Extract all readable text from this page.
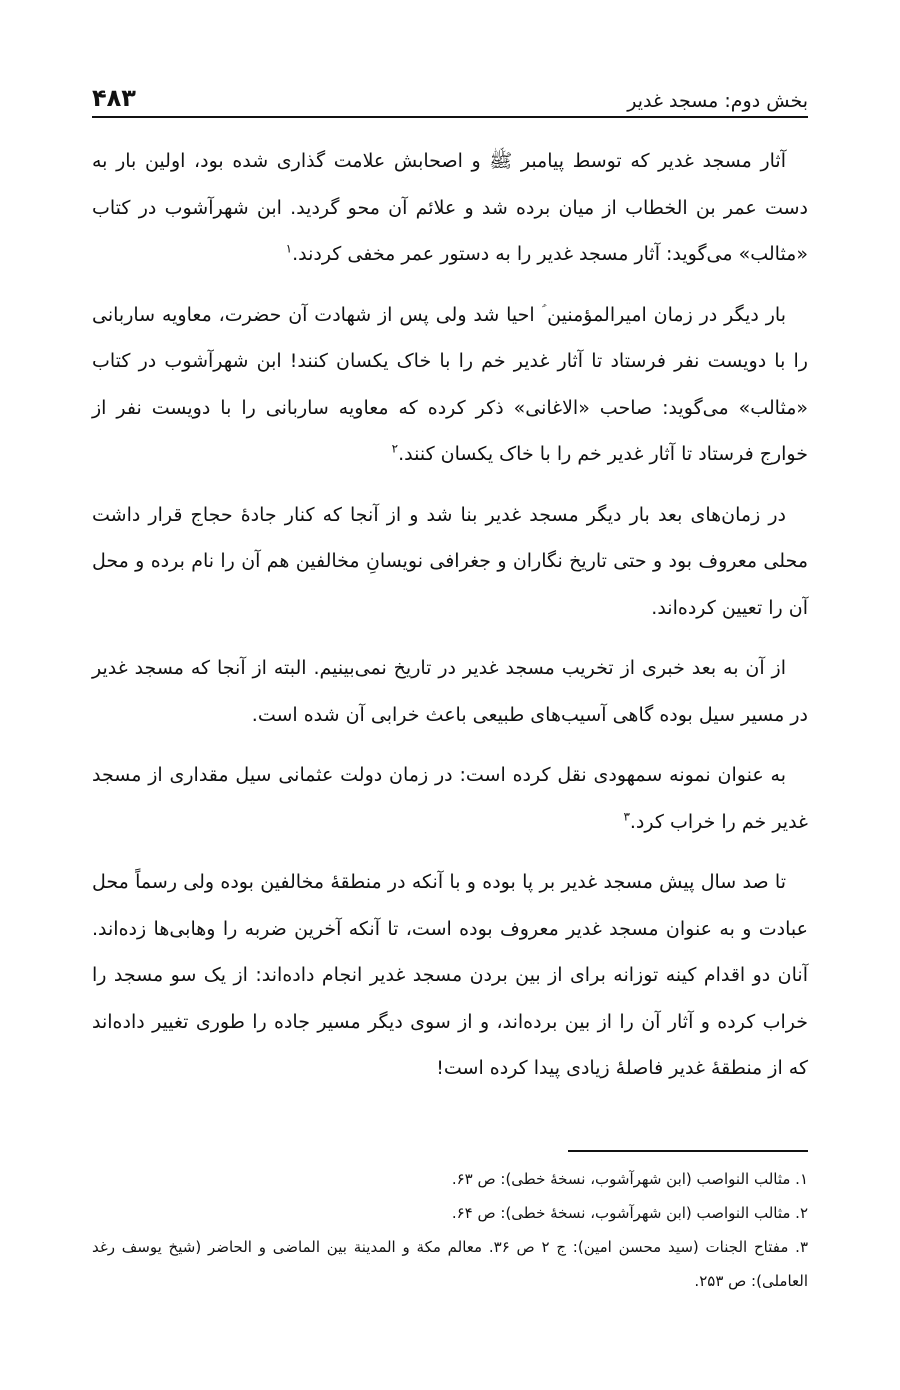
بخش دوم: مسجد غدیر
۴۸۳

آثار مسجد غدیر که توسط پیامبر ﷺ و اصحابش علامت گذاری شده بود، اولین بار به دست عمر بن الخطاب از میان برده شد و علائم آن محو گردید. ابن شهرآشوب در کتاب «مثالب» می‌گوید: آثار مسجد غدیر را به دستور عمر مخفی کردند.$^۱$

بار دیگر در زمان امیرالمؤمنین ؑ احیا شد ولی پس از شهادت آن حضرت، معاویه ساربانی را با دویست نفر فرستاد تا آثار غدیر خم را با خاک یکسان کنند! ابن شهرآشوب در کتاب «مثالب» می‌گوید: صاحب «الاغانی» ذکر کرده که معاویه ساربانی را با دویست نفر از خوارج فرستاد تا آثار غدیر خم را با خاک یکسان کنند.$^۲$

در زمان‌های بعد بار دیگر مسجد غدیر بنا شد و از آنجا که کنار جادهٔ حجاج قرار داشت محلی معروف بود و حتی تاریخ نگاران و جغرافی نویسانِ مخالفین هم آن را نام برده و محل آن را تعیین کرده‌اند.

از آن به بعد خبری از تخریب مسجد غدیر در تاریخ نمی‌بینیم. البته از آنجا که مسجد غدیر در مسیر سیل بوده گاهی آسیب‌های طبیعی باعث خرابی آن شده است.

به عنوان نمونه سمهودی نقل کرده است: در زمان دولت عثمانی سیل مقداری از مسجد غدیر خم را خراب کرد.$^۳$

تا صد سال پیش مسجد غدیر بر پا بوده و با آنکه در منطقهٔ مخالفین بوده ولی رسماً محل عبادت و به عنوان مسجد غدیر معروف بوده است، تا آنکه آخرین ضربه را وهابی‌ها زده‌اند. آنان دو اقدام کینه توزانه برای از بین بردن مسجد غدیر انجام داده‌اند: از یک سو مسجد را خراب کرده و آثار آن را از بین برده‌اند، و از سوی دیگر مسیر جاده را طوری تغییر داده‌اند که از منطقهٔ غدیر فاصلهٔ زیادی پیدا کرده است!

۱. مثالب النواصب (ابن شهرآشوب، نسخهٔ خطی): ص ۶۳.

۲. مثالب النواصب (ابن شهرآشوب، نسخهٔ خطی): ص ۶۴.

۳. مفتاح الجنات (سید محسن امین): ج ۲ ص ۳۶. معالم مکة و المدینة بین الماضی و الحاضر (شیخ یوسف رغد العاملی): ص ۲۵۳.
